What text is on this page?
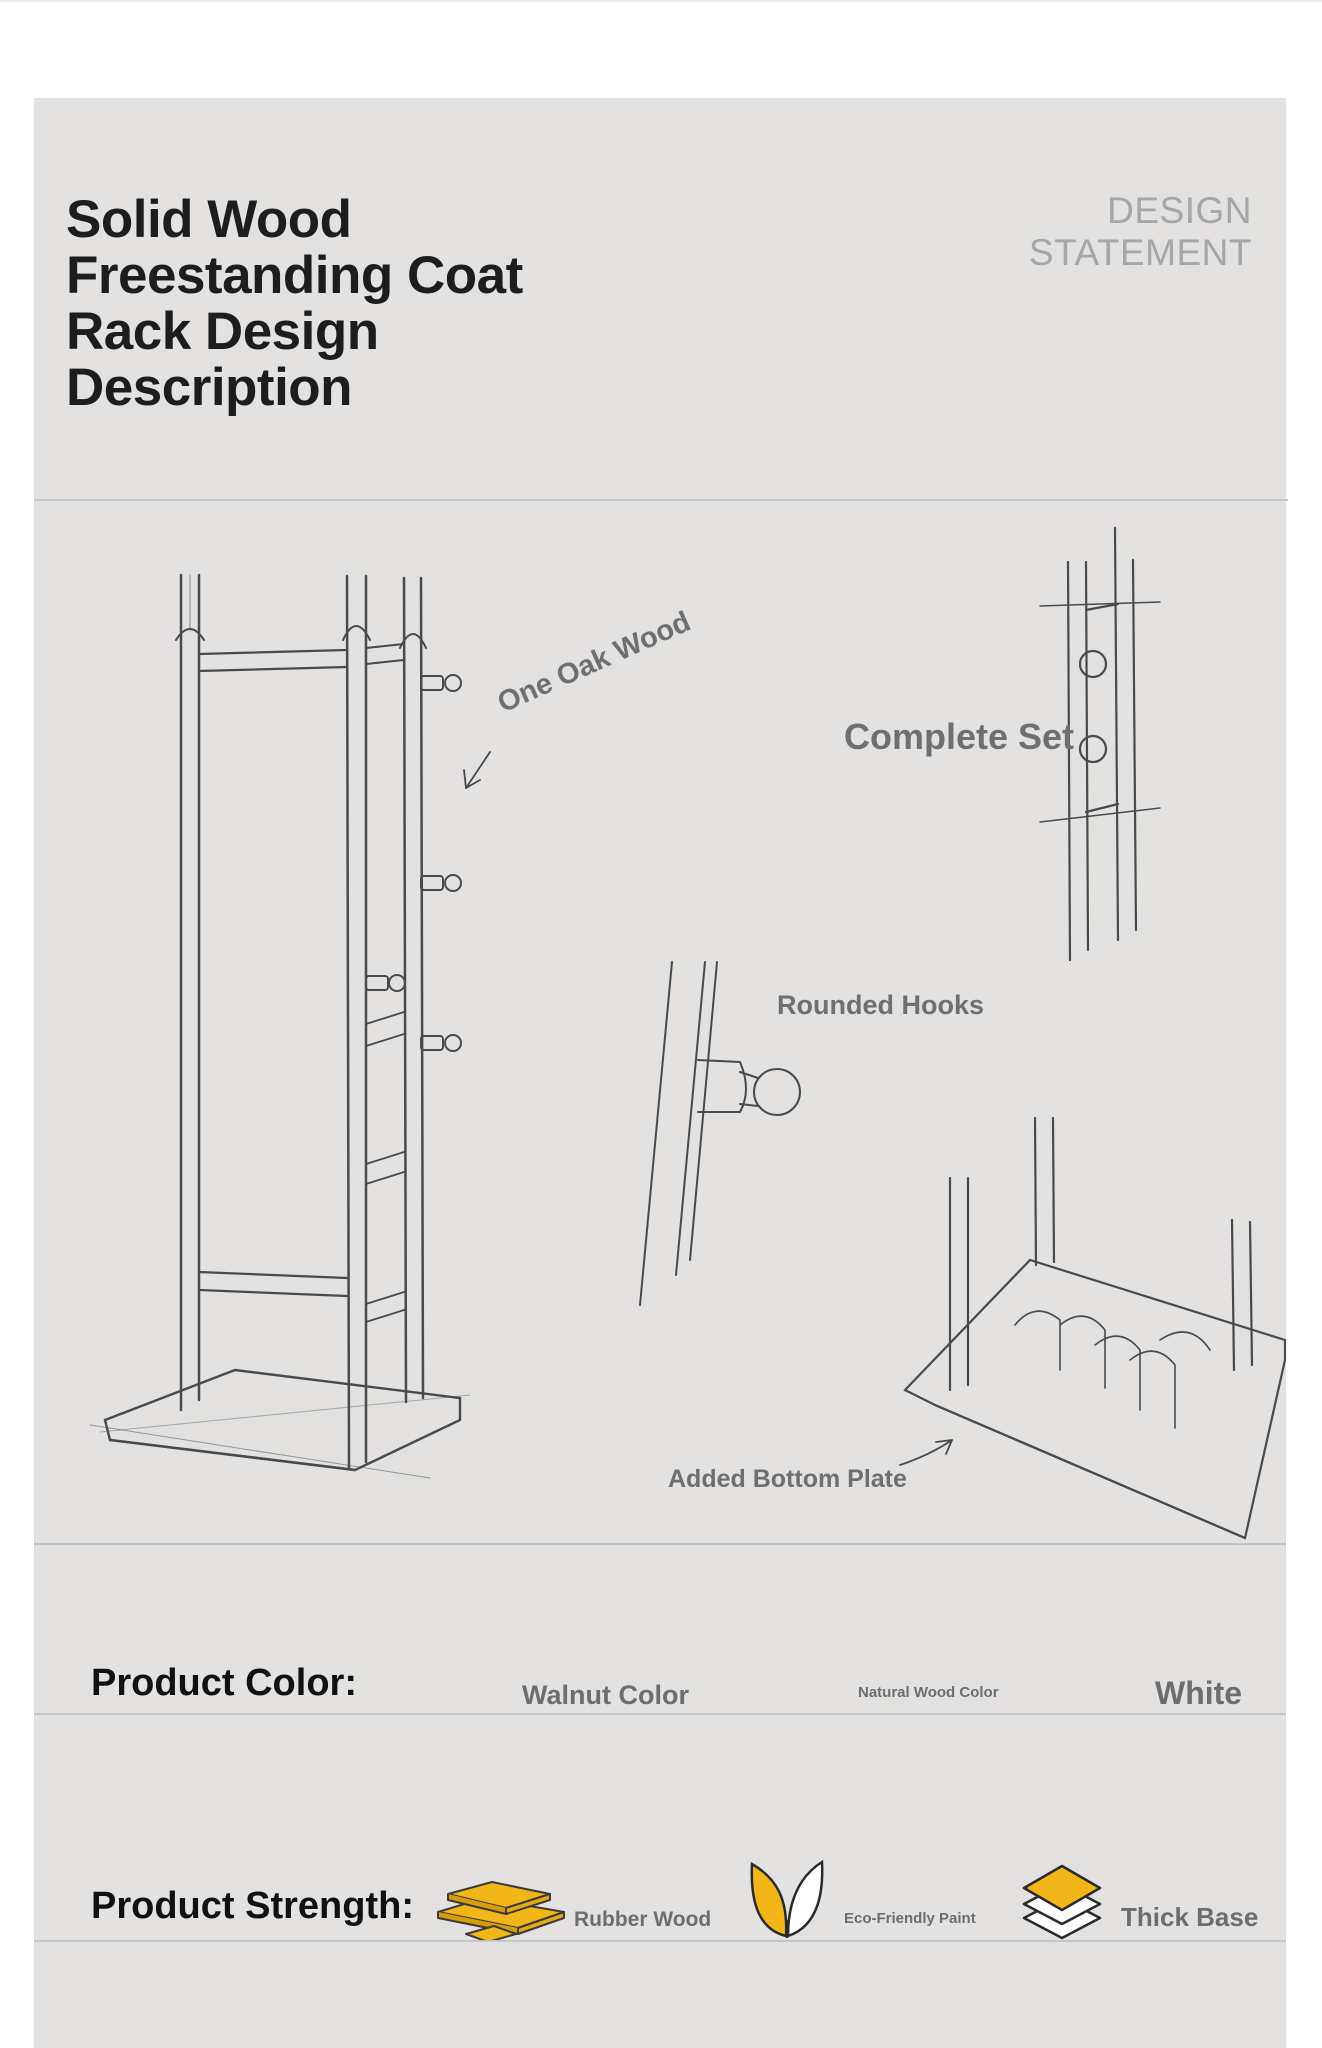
Solid Wood
Freestanding Coat
Rack Design
Description
DESIGN
STATEMENT
One Oak Wood
Complete Set
Rounded Hooks
Added Bottom Plate
Product Color:	Walnut Color	Natural Wood Color	White
Product Strength:	Rubber Wood	Eco-Friendly Paint	Thick Base
